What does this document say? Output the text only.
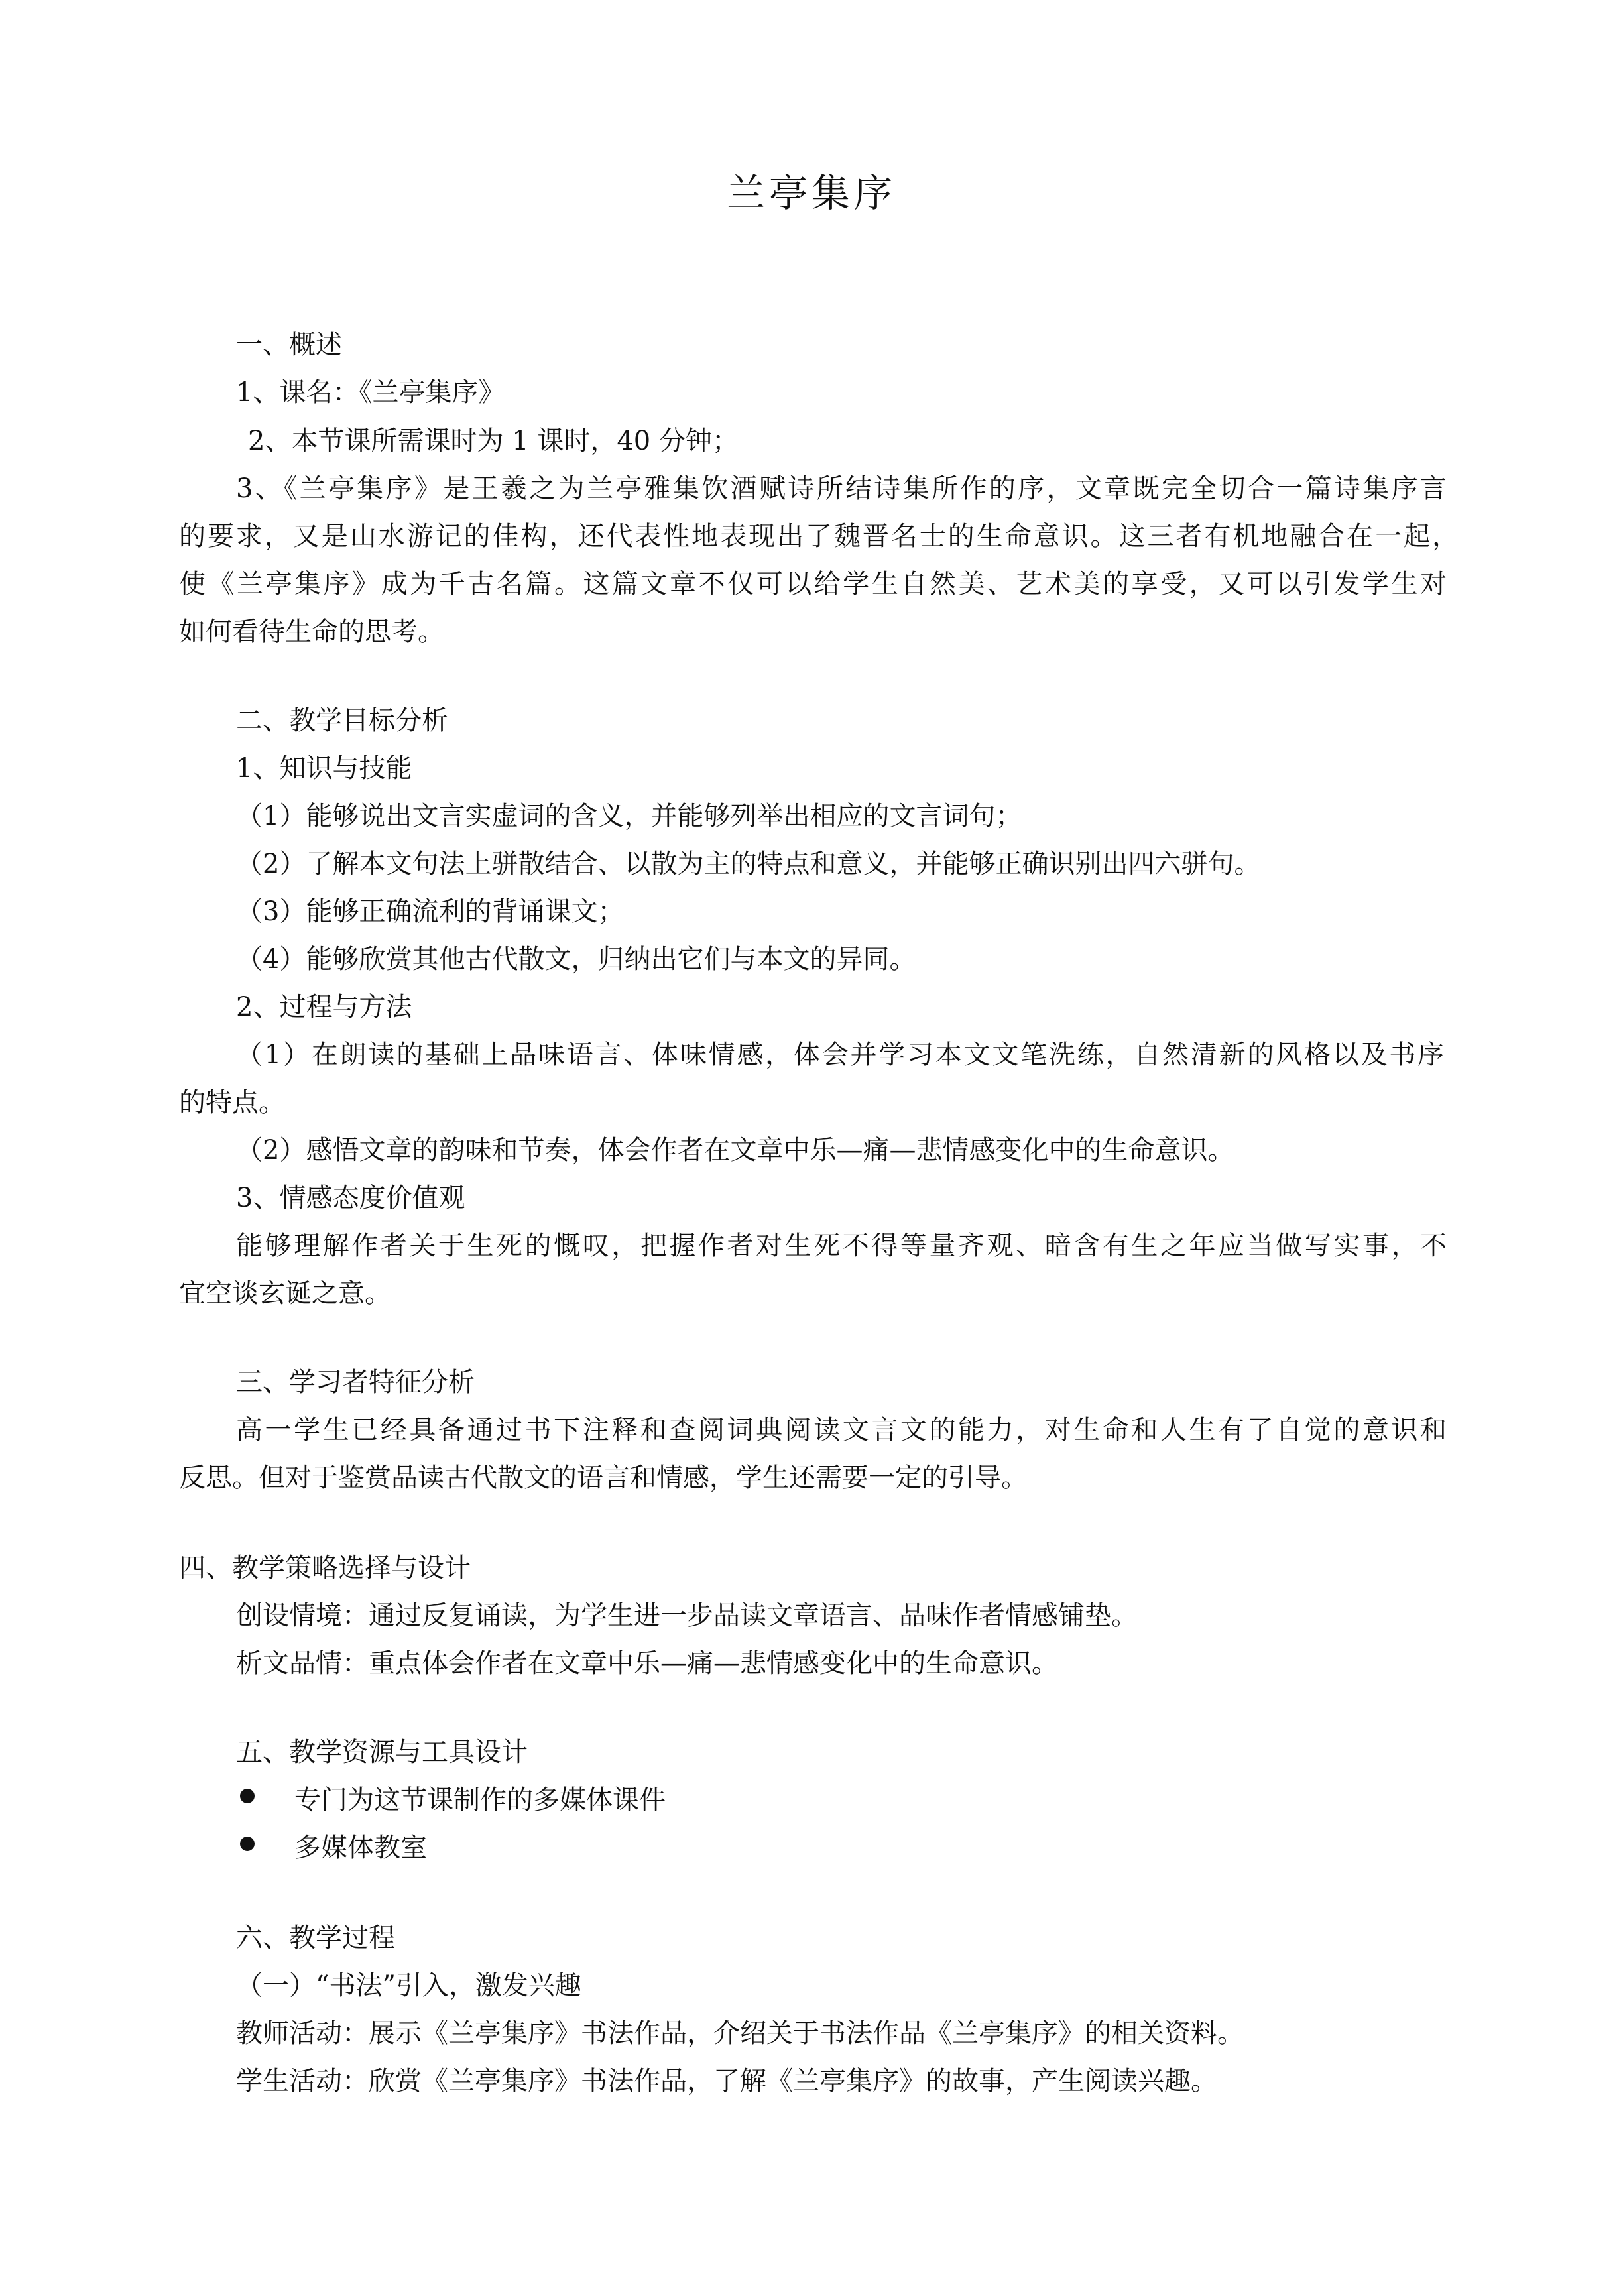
兰亭集序
一、概述
1、课名：《兰亭集序》
2、本节课所需课时为 1 课时，40 分钟；
3、《兰亭集序》是王羲之为兰亭雅集饮酒赋诗所结诗集所作的序，文章既完全切合一篇诗集序言
的要求，又是山水游记的佳构，还代表性地表现出了魏晋名士的生命意识。这三者有机地融合在一起，
使《兰亭集序》成为千古名篇。这篇文章不仅可以给学生自然美、艺术美的享受，又可以引发学生对
如何看待生命的思考。
二、教学目标分析
1、知识与技能
（1）能够说出文言实虚词的含义，并能够列举出相应的文言词句；
（2）了解本文句法上骈散结合、以散为主的特点和意义，并能够正确识别出四六骈句。
（3）能够正确流利的背诵课文；
（4）能够欣赏其他古代散文，归纳出它们与本文的异同。
2、过程与方法
（1）在朗读的基础上品味语言、体味情感，体会并学习本文文笔洗练，自然清新的风格以及书序
的特点。
（2）感悟文章的韵味和节奏，体会作者在文章中乐—痛—悲情感变化中的生命意识。
3、情感态度价值观
能够理解作者关于生死的慨叹，把握作者对生死不得等量齐观、暗含有生之年应当做写实事，不
宜空谈玄诞之意。
三、学习者特征分析
高一学生已经具备通过书下注释和查阅词典阅读文言文的能力，对生命和人生有了自觉的意识和
反思。但对于鉴赏品读古代散文的语言和情感，学生还需要一定的引导。
四、教学策略选择与设计
创设情境：通过反复诵读，为学生进一步品读文章语言、品味作者情感铺垫。
析文品情：重点体会作者在文章中乐—痛—悲情感变化中的生命意识。
五、教学资源与工具设计
专门为这节课制作的多媒体课件
多媒体教室
六、教学过程
（一）“书法”引入，激发兴趣
教师活动：展示《兰亭集序》书法作品，介绍关于书法作品《兰亭集序》的相关资料。
学生活动：欣赏《兰亭集序》书法作品，了解《兰亭集序》的故事，产生阅读兴趣。
